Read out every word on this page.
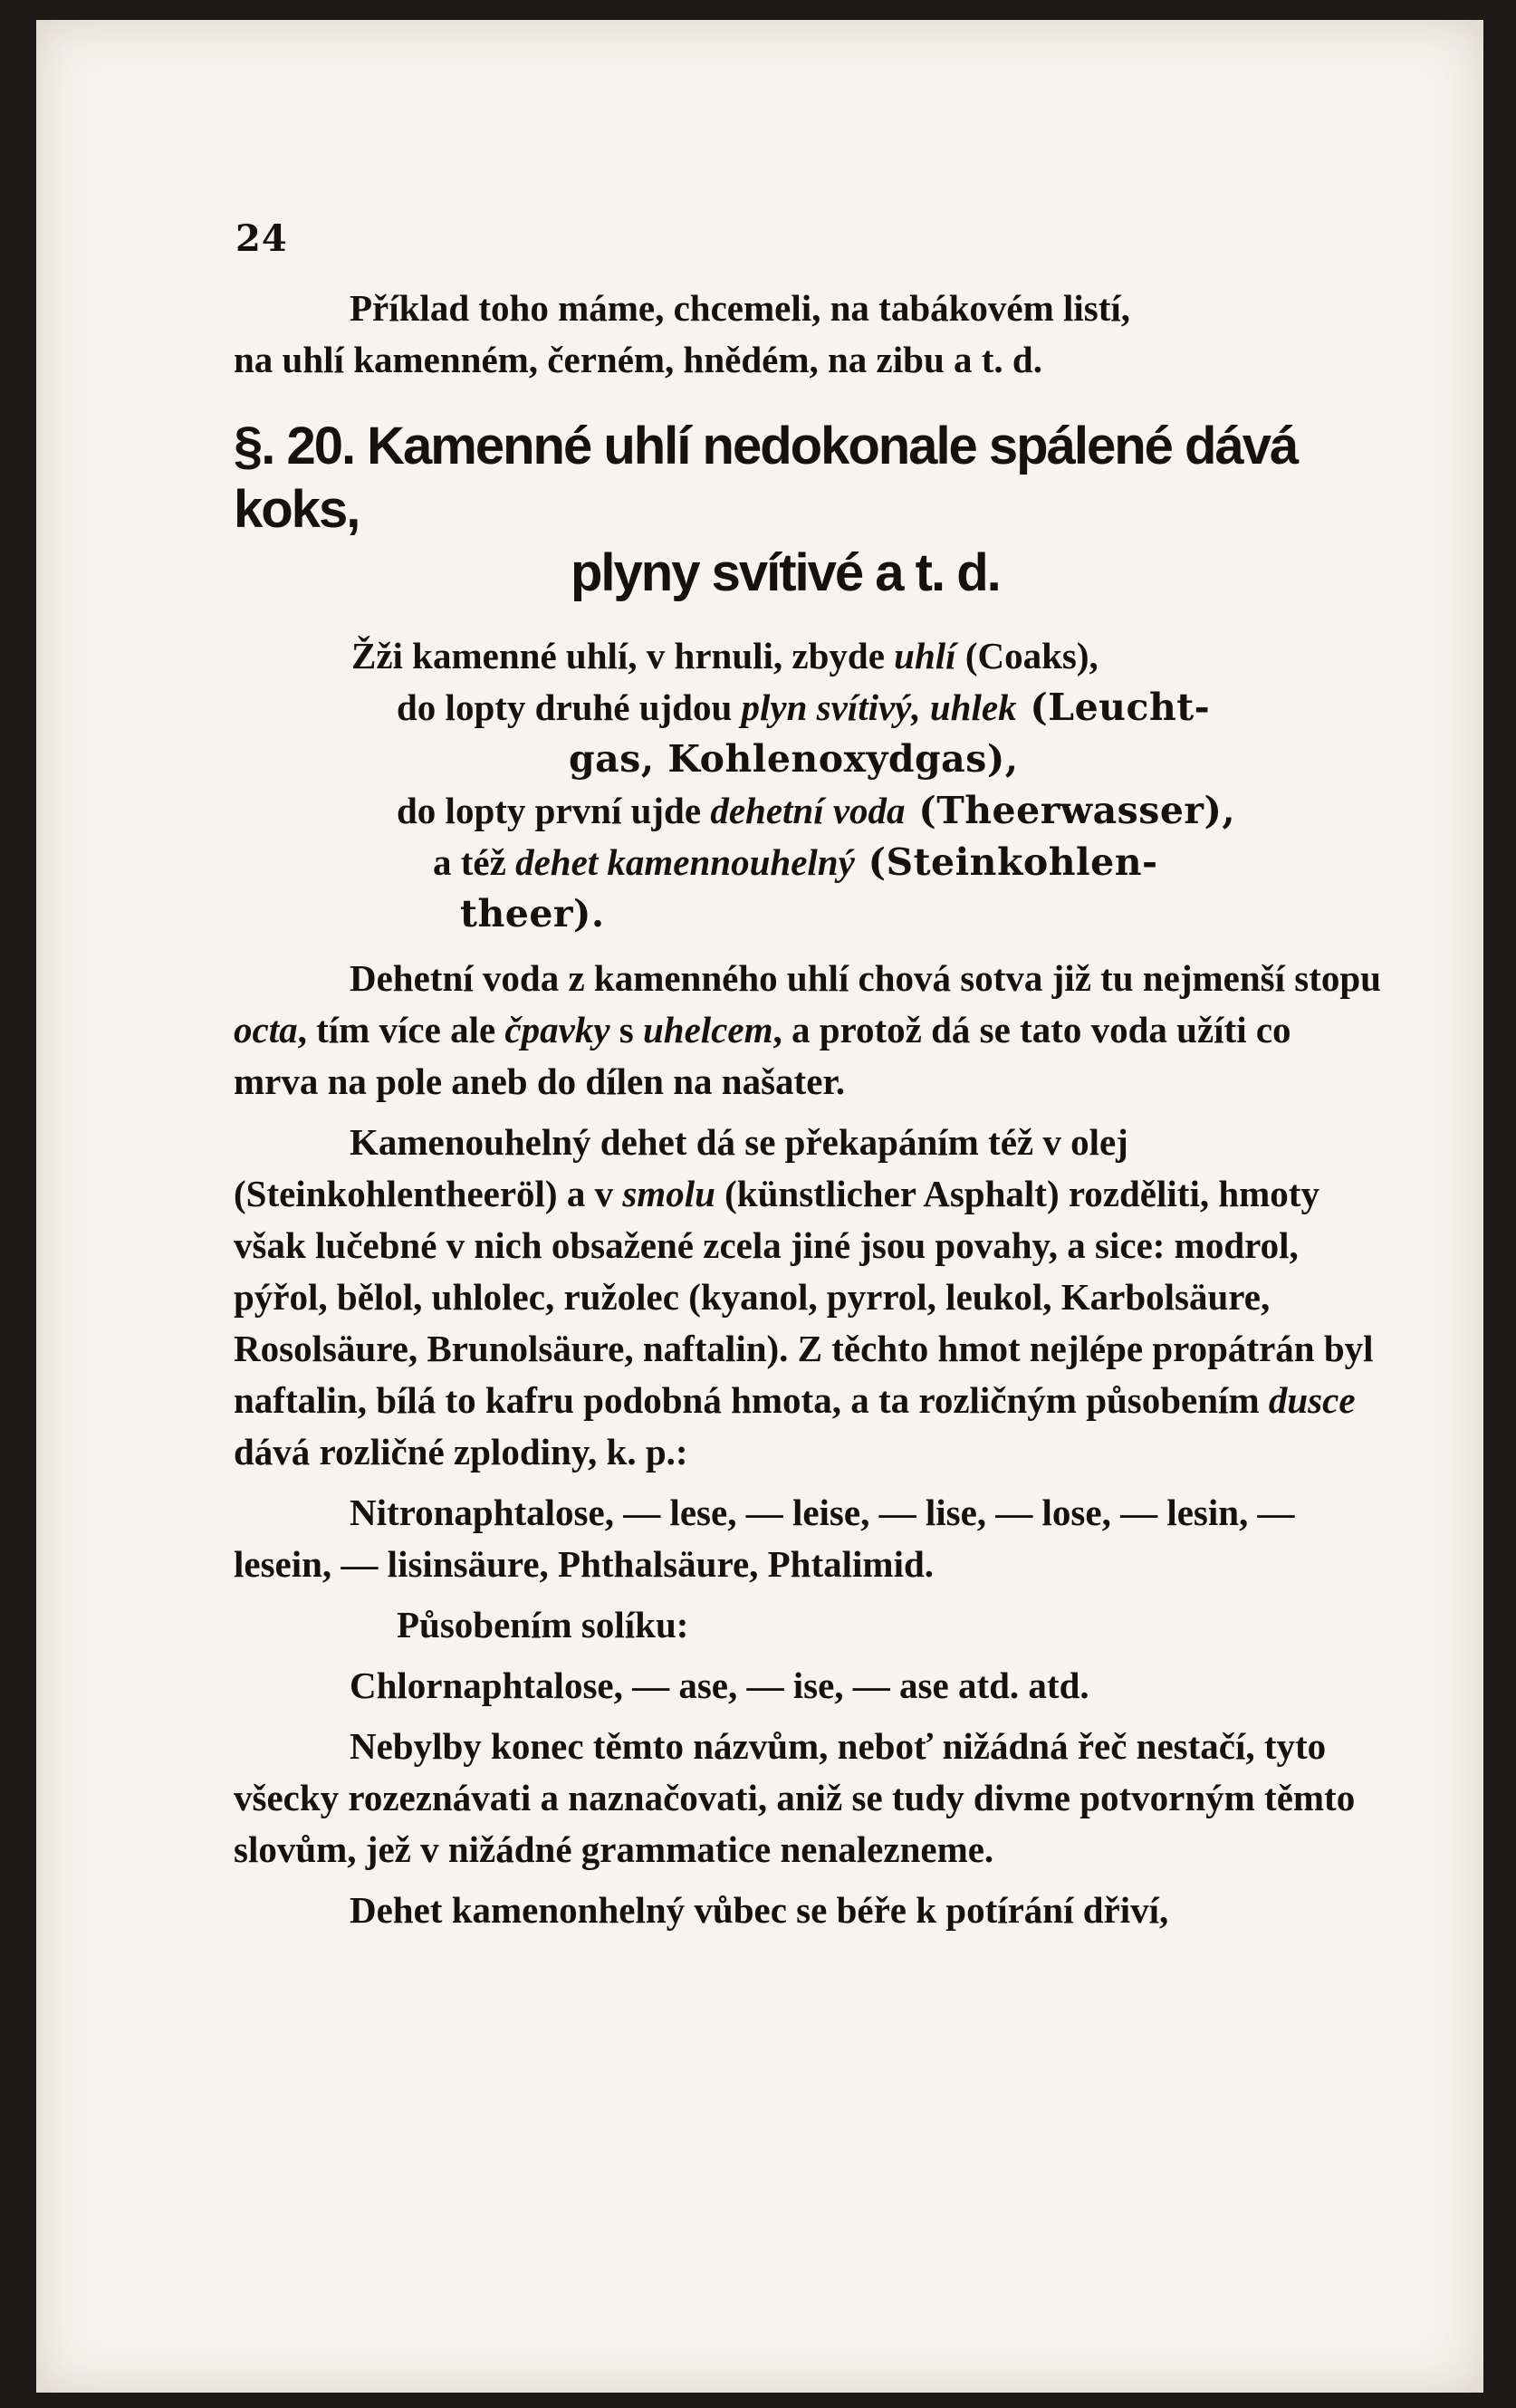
24

Příklad toho máme, chcemeli, na tabákovém listí,
na uhlí kamenném, černém, hnědém, na zibu a t. d.

§. 20. Kamenné uhlí nedokonale spálené dává koks,
plyny svítivé a t. d.
Žži kamenné uhlí, v hrnuli, zbyde uhlí (Coaks),
do lopty druhé ujdou plyn svítivý, uhlek (Leucht-
gas, Kohlenoxydgas),
do lopty první ujde dehetní voda (Theerwasser),
a též dehet kamennouhelný (Steinkohlen-
theer).

Dehetní voda z kamenného uhlí chová sotva již tu nejmenší stopu octa, tím více ale čpavky s uhelcem, a protož dá se tato voda užíti co mrva na pole aneb do dílen na našater.

Kamenouhelný dehet dá se překapáním též v olej (Steinkohlentheeröl) a v smolu (künstlicher Asphalt) rozděliti, hmoty však lučebné v nich obsažené zcela jiné jsou povahy, a sice: modrol, pýřol, bělol, uhlolec, ružolec (kyanol, pyrrol, leukol, Karbolsäure, Rosolsäure, Brunolsäure, naftalin). Z těchto hmot nejlépe propátrán byl naftalin, bílá to kafru podobná hmota, a ta rozličným působením dusce dává rozličné zplodiny, k. p.:

Nitronaphtalose, — lese, — leise, — lise, — lose, — lesin, — lesein, — lisinsäure, Phthalsäure, Phtalimid.

Působením solíku:

Chlornaphtalose, — ase, — ise, — ase atd. atd.

Nebylby konec těmto názvům, neboť nižádná řeč nestačí, tyto všecky rozeznávati a naznačovati, aniž se tudy divme potvorným těmto slovům, jež v nižádné grammatice nenalezneme.

Dehet kamenonhelný vůbec se béře k potírání dřiví,
